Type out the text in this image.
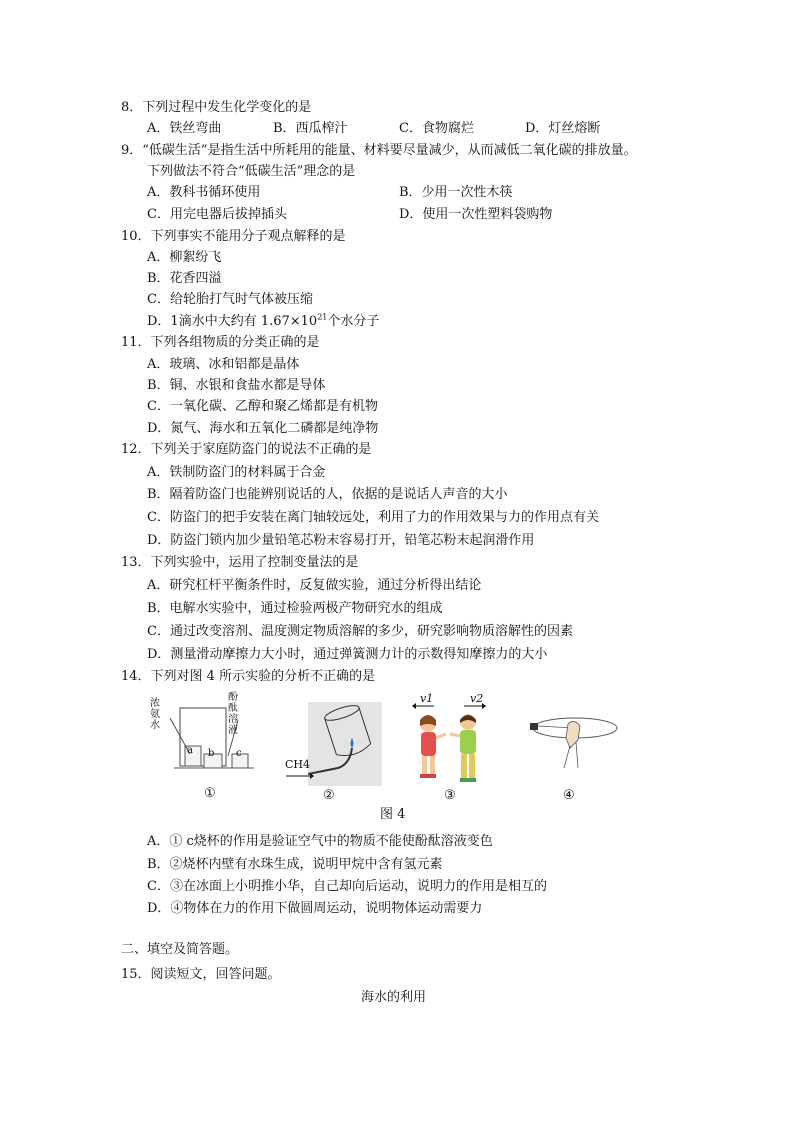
8．下列过程中发生化学变化的是
A．铁丝弯曲	B．西瓜榨汁	C．食物腐烂	D．灯丝熔断
9．“低碳生活”是指生活中所耗用的能量、材料要尽量减少，从而减低二氧化碳的排放量。
下列做法不符合“低碳生活”理念的是
A．教科书循环使用	B．少用一次性木筷
C．用完电器后拔掉插头	D．使用一次性塑料袋购物
10．下列事实不能用分子观点解释的是
A．柳絮纷飞
B．花香四溢
C．给轮胎打气时气体被压缩
D．1滴水中大约有 $1.67\times 10^{21}$个水分子
11．下列各组物质的分类正确的是
A．玻璃、冰和铝都是晶体
B．铜、水银和食盐水都是导体
C．一氧化碳、乙醇和聚乙烯都是有机物
D．氮气、海水和五氧化二磷都是纯净物
12．下列关于家庭防盗门的说法不正确的是
A．铁制防盗门的材料属于合金
B．隔着防盗门也能辨别说话的人，依据的是说话人声音的大小
C．防盗门的把手安装在离门轴较远处，利用了力的作用效果与力的作用点有关
D．防盗门锁内加少量铅笔芯粉末容易打开，铅笔芯粉末起润滑作用
13．下列实验中，运用了控制变量法的是
A．研究杠杆平衡条件时，反复做实验，通过分析得出结论
B．电解水实验中，通过检验两极产物研究水的组成
C．通过改变溶剂、温度测定物质溶解的多少，研究影响物质溶解性的因素
D．测量滑动摩擦力大小时，通过弹簧测力计的示数得知摩擦力的大小
14．下列对图 4 所示实验的分析不正确的是
浓氨水
酚酞溶液
a b c
CH4
v1	v2
①	②	③	④
图 4
A．① c烧杯的作用是验证空气中的物质不能使酚酞溶液变色
B．②烧杯内壁有水珠生成，说明甲烷中含有氢元素
C．③在冰面上小明推小华，自己却向后运动，说明力的作用是相互的
D．④物体在力的作用下做圆周运动，说明物体运动需要力
二、填空及简答题。
15．阅读短文，回答问题。
海水的利用
